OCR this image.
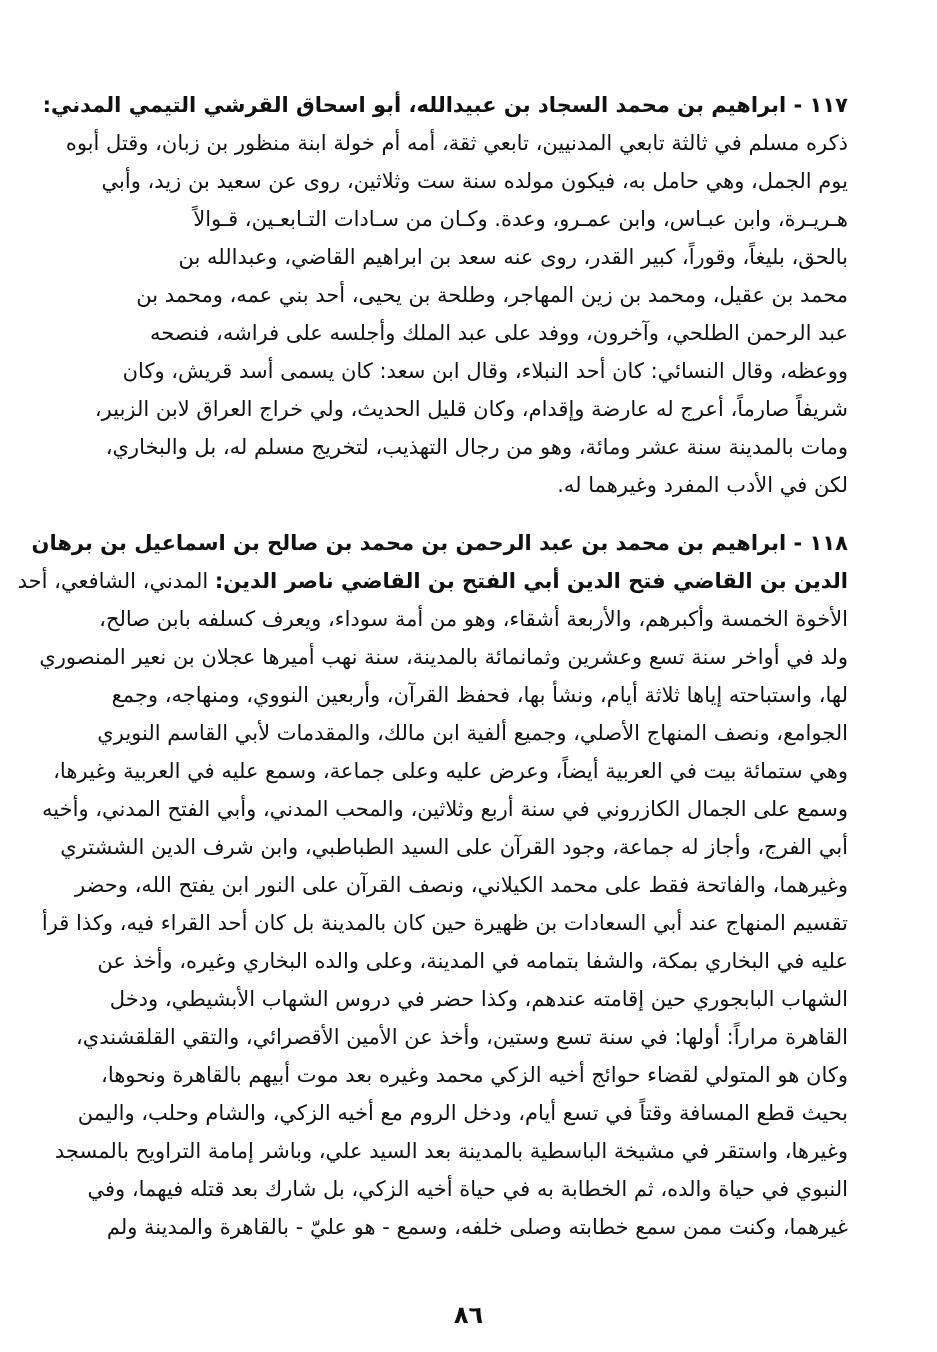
١١٧ - ابراهيم بن محمد السجاد بن عبيدالله، أبو اسحاق القرشي التيمي المدني:
ذكره مسلم في ثالثة تابعي المدنيين، تابعي ثقة، أمه أم خولة ابنة منظور بن زبان، وقتل أبوه
يوم الجمل، وهي حامل به، فيكون مولده سنة ست وثلاثين، روى عن سعيد بن زيد، وأبي
هـريـرة، وابن عبـاس، وابن عمـرو، وعدة. وكـان من سـادات التـابعـين، قـوالاً
بالحق، بليغاً، وقوراً، كبير القدر، روى عنه سعد بن ابراهيم القاضي، وعبدالله بن
محمد بن عقيل، ومحمد بن زين المهاجر، وطلحة بن يحيى، أحد بني عمه، ومحمد بن
عبد الرحمن الطلحي، وآخرون، ووفد على عبد الملك وأجلسه على فراشه، فنصحه
ووعظه، وقال النسائي: كان أحد النبلاء، وقال ابن سعد: كان يسمى أسد قريش، وكان
شريفاً صارماً، أعرج له عارضة وإقدام، وكان قليل الحديث، ولي خراج العراق لابن الزبير،
ومات بالمدينة سنة عشر ومائة، وهو من رجال التهذيب، لتخريج مسلم له، بل والبخاري،
لكن في الأدب المفرد وغيرهما له.
١١٨ - ابراهيم بن محمد بن عبد الرحمن بن محمد بن صالح بن اسماعيل بن برهان
الدين بن القاضي فتح الدين أبي الفتح بن القاضي ناصر الدين: المدني، الشافعي، أحد
الأخوة الخمسة وأكبرهم، والأربعة أشقاء، وهو من أمة سوداء، ويعرف كسلفه بابن صالح،
ولد في أواخر سنة تسع وعشرين وثمانمائة بالمدينة، سنة نهب أميرها عجلان بن نعير المنصوري
لها، واستباحته إياها ثلاثة أيام، ونشأ بها، فحفظ القرآن، وأربعين النووي، ومنهاجه، وجمع
الجوامع، ونصف المنهاج الأصلي، وجميع ألفية ابن مالك، والمقدمات لأبي القاسم النويري
وهي ستمائة بيت في العربية أيضاً، وعرض عليه وعلى جماعة، وسمع عليه في العربية وغيرها،
وسمع على الجمال الكازروني في سنة أربع وثلاثين، والمحب المدني، وأبي الفتح المدني، وأخيه
أبي الفرج، وأجاز له جماعة، وجود القرآن على السيد الطباطبي، وابن شرف الدين الششتري
وغيرهما، والفاتحة فقط على محمد الكيلاني، ونصف القرآن على النور ابن يفتح الله، وحضر
تقسيم المنهاج عند أبي السعادات بن ظهيرة حين كان بالمدينة بل كان أحد القراء فيه، وكذا قرأ
عليه في البخاري بمكة، والشفا بتمامه في المدينة، وعلى والده البخاري وغيره، وأخذ عن
الشهاب البابجوري حين إقامته عندهم، وكذا حضر في دروس الشهاب الأبشيطي، ودخل
القاهرة مراراً: أولها: في سنة تسع وستين، وأخذ عن الأمين الأقصرائي، والتقي القلقشندي،
وكان هو المتولي لقضاء حوائج أخيه الزكي محمد وغيره بعد موت أبيهم بالقاهرة ونحوها،
بحيث قطع المسافة وقتاً في تسع أيام، ودخل الروم مع أخيه الزكي، والشام وحلب، واليمن
وغيرها، واستقر في مشيخة الباسطية بالمدينة بعد السيد علي، وباشر إمامة التراويح بالمسجد
النبوي في حياة والده، ثم الخطابة به في حياة أخيه الزكي، بل شارك بعد قتله فيهما، وفي
غيرهما، وكنت ممن سمع خطابته وصلى خلفه، وسمع - هو عليّ - بالقاهرة والمدينة ولم
٨٦
